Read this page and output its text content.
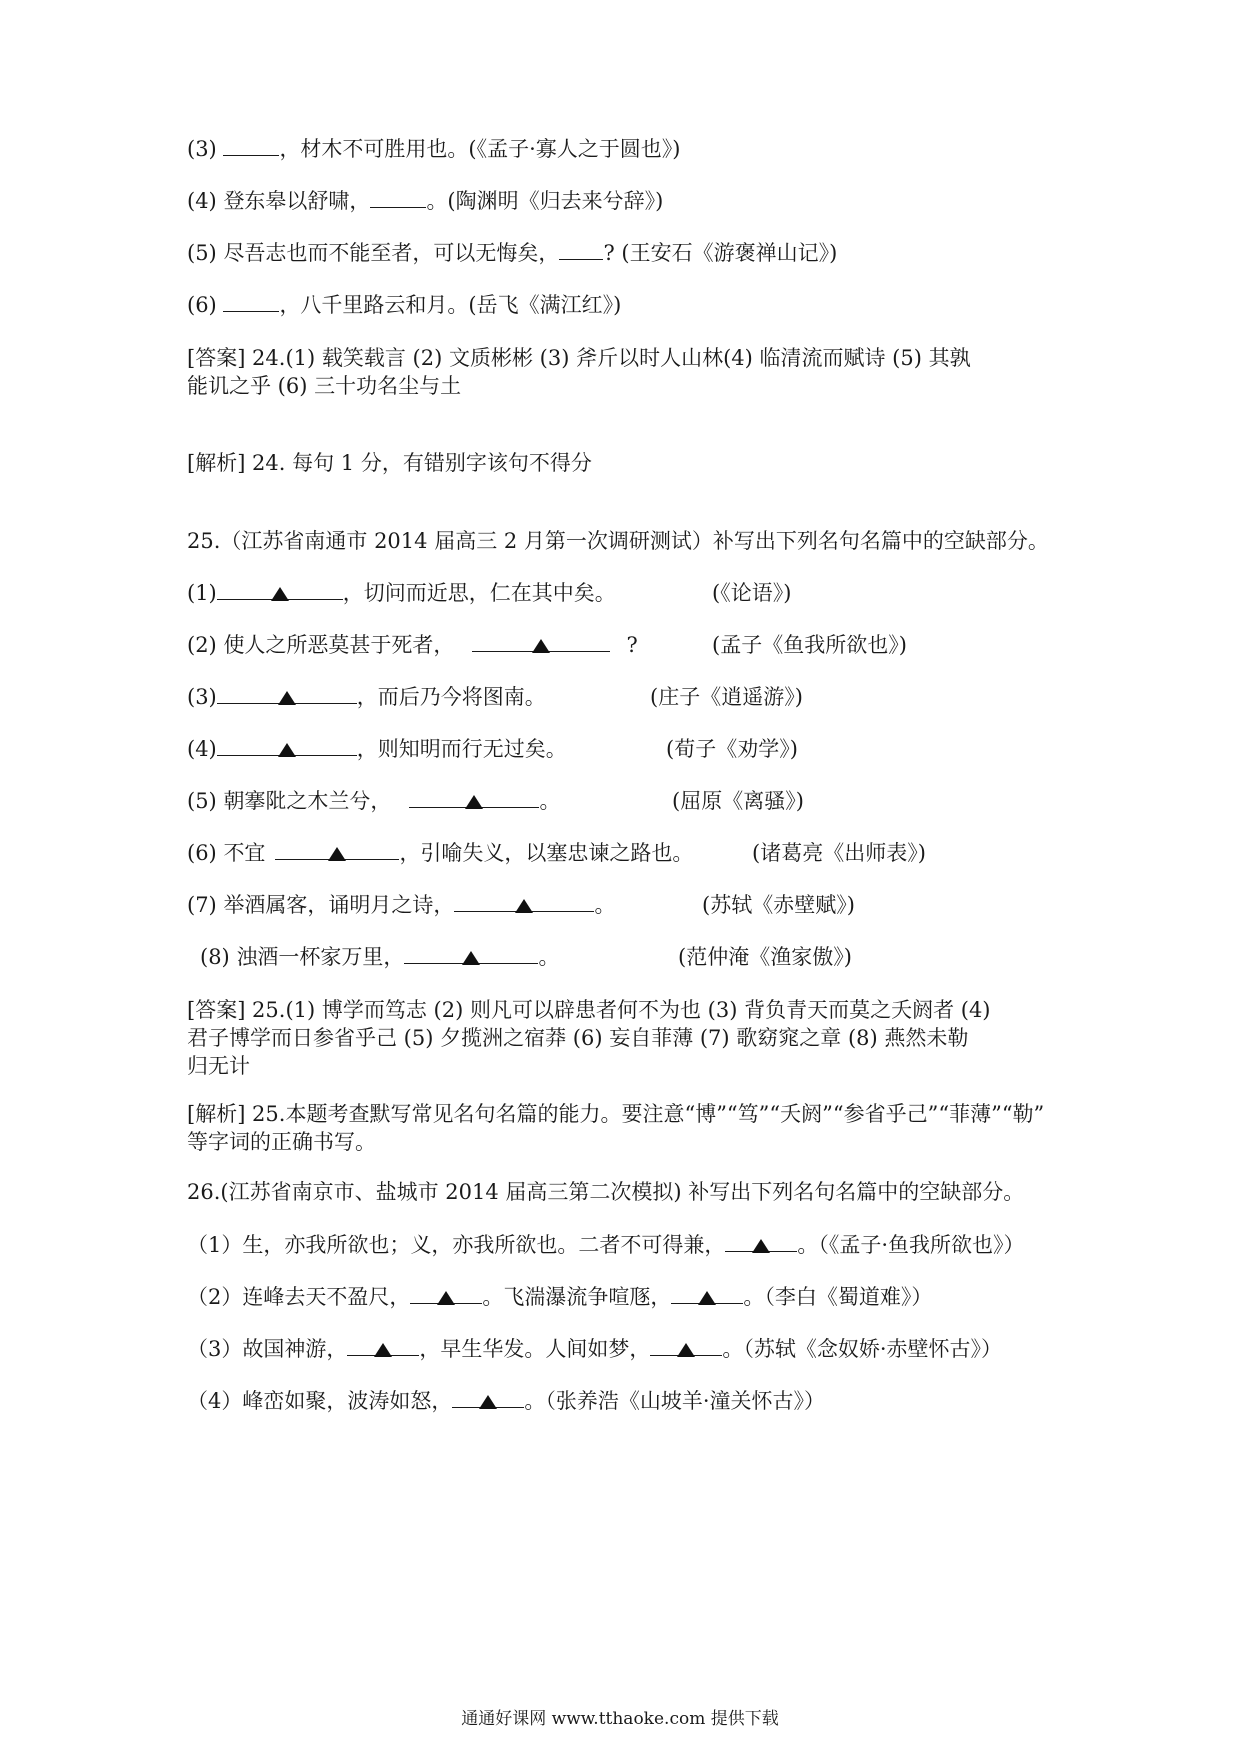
(3)	，材木不可胜用也。(《孟子·寡人之于圆也》)
(4) 登东皋以舒啸，	。(陶渊明《归去来兮辞》)
(5) 尽吾志也而不能至者，可以无悔矣， ? (王安石《游褒禅山记》)
(6)	，八千里路云和月。(岳飞《满江红》)
[答案] 24.(1) 载笑载言 (2) 文质彬彬 (3) 斧斤以时人山林(4) 临清流而赋诗 (5) 其孰
能讥之乎 (6) 三十功名尘与土
[解析] 24. 每句 1 分，有错别字该句不得分
25.（江苏省南通市 2014 届高三 2 月第一次调研测试）补写出下列名句名篇中的空缺部分。
(1)	，切问而近思，仁在其中矣。	(《论语》)
(2) 使人之所恶莫甚于死者，	?	(孟子《鱼我所欲也》)
(3)	，而后乃今将图南。	(庄子《逍遥游》)
(4)	，则知明而行无过矣。	(荀子《劝学》)
(5) 朝搴阰之木兰兮，	。	(屈原《离骚》)
(6) 不宜	，引喻失义，以塞忠谏之路也。	(诸葛亮《出师表》)
(7) 举酒属客，诵明月之诗，	。	(苏轼《赤壁赋》)
(8) 浊酒一杯家万里，	。	(范仲淹《渔家傲》)
[答案] 25.(1) 博学而笃志 (2) 则凡可以辟患者何不为也 (3) 背负青天而莫之夭阏者 (4)
君子博学而日参省乎己 (5) 夕揽洲之宿莽 (6) 妄自菲薄 (7) 歌窈窕之章 (8) 燕然未勒
归无计
[解析] 25.本题考查默写常见名句名篇的能力。要注意“博”“笃”“夭阏”“参省乎己”“菲薄”“勒”
等字词的正确书写。
26.(江苏省南京市、盐城市 2014 届高三第二次模拟) 补写出下列名句名篇中的空缺部分。
（1）生，亦我所欲也；义，亦我所欲也。二者不可得兼，	。（《孟子·鱼我所欲也》）
（2）连峰去天不盈尺，	。飞湍瀑流争喧豗，	。（李白《蜀道难》）
（3）故国神游，	，早生华发。人间如梦，	。（苏轼《念奴娇·赤壁怀古》）
（4）峰峦如聚，波涛如怒，	。（张养浩《山坡羊·潼关怀古》）
通通好课网 www.tthaoke.com 提供下载
